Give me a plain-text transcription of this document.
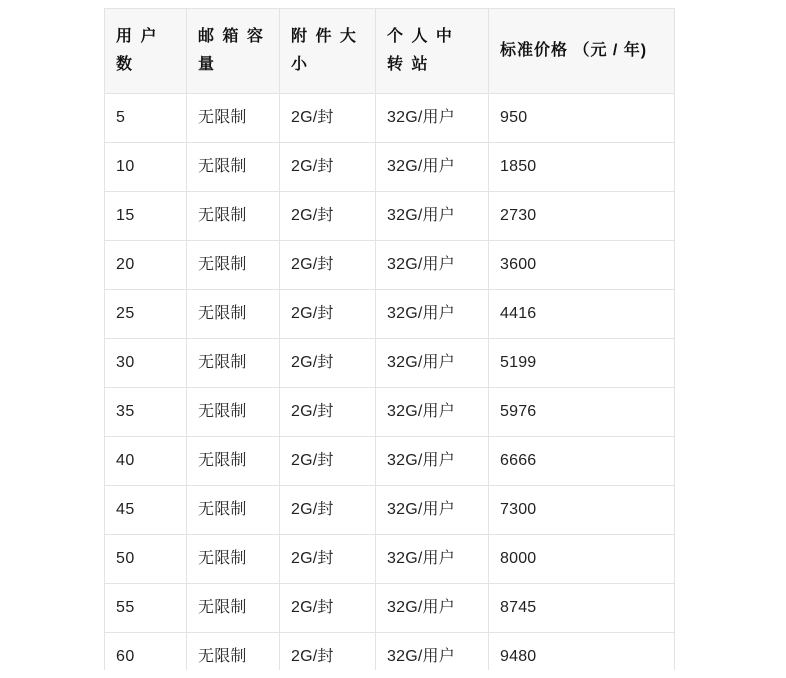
用 户 数	邮 箱 容 量	附 件 大 小	个 人 中 转 站	标准价格 （元 / 年)
5	无限制	2G/封	32G/用户	950
10	无限制	2G/封	32G/用户	1850
15	无限制	2G/封	32G/用户	2730
20	无限制	2G/封	32G/用户	3600
25	无限制	2G/封	32G/用户	4416
30	无限制	2G/封	32G/用户	5199
35	无限制	2G/封	32G/用户	5976
40	无限制	2G/封	32G/用户	6666
45	无限制	2G/封	32G/用户	7300
50	无限制	2G/封	32G/用户	8000
55	无限制	2G/封	32G/用户	8745
60	无限制	2G/封	32G/用户	9480
